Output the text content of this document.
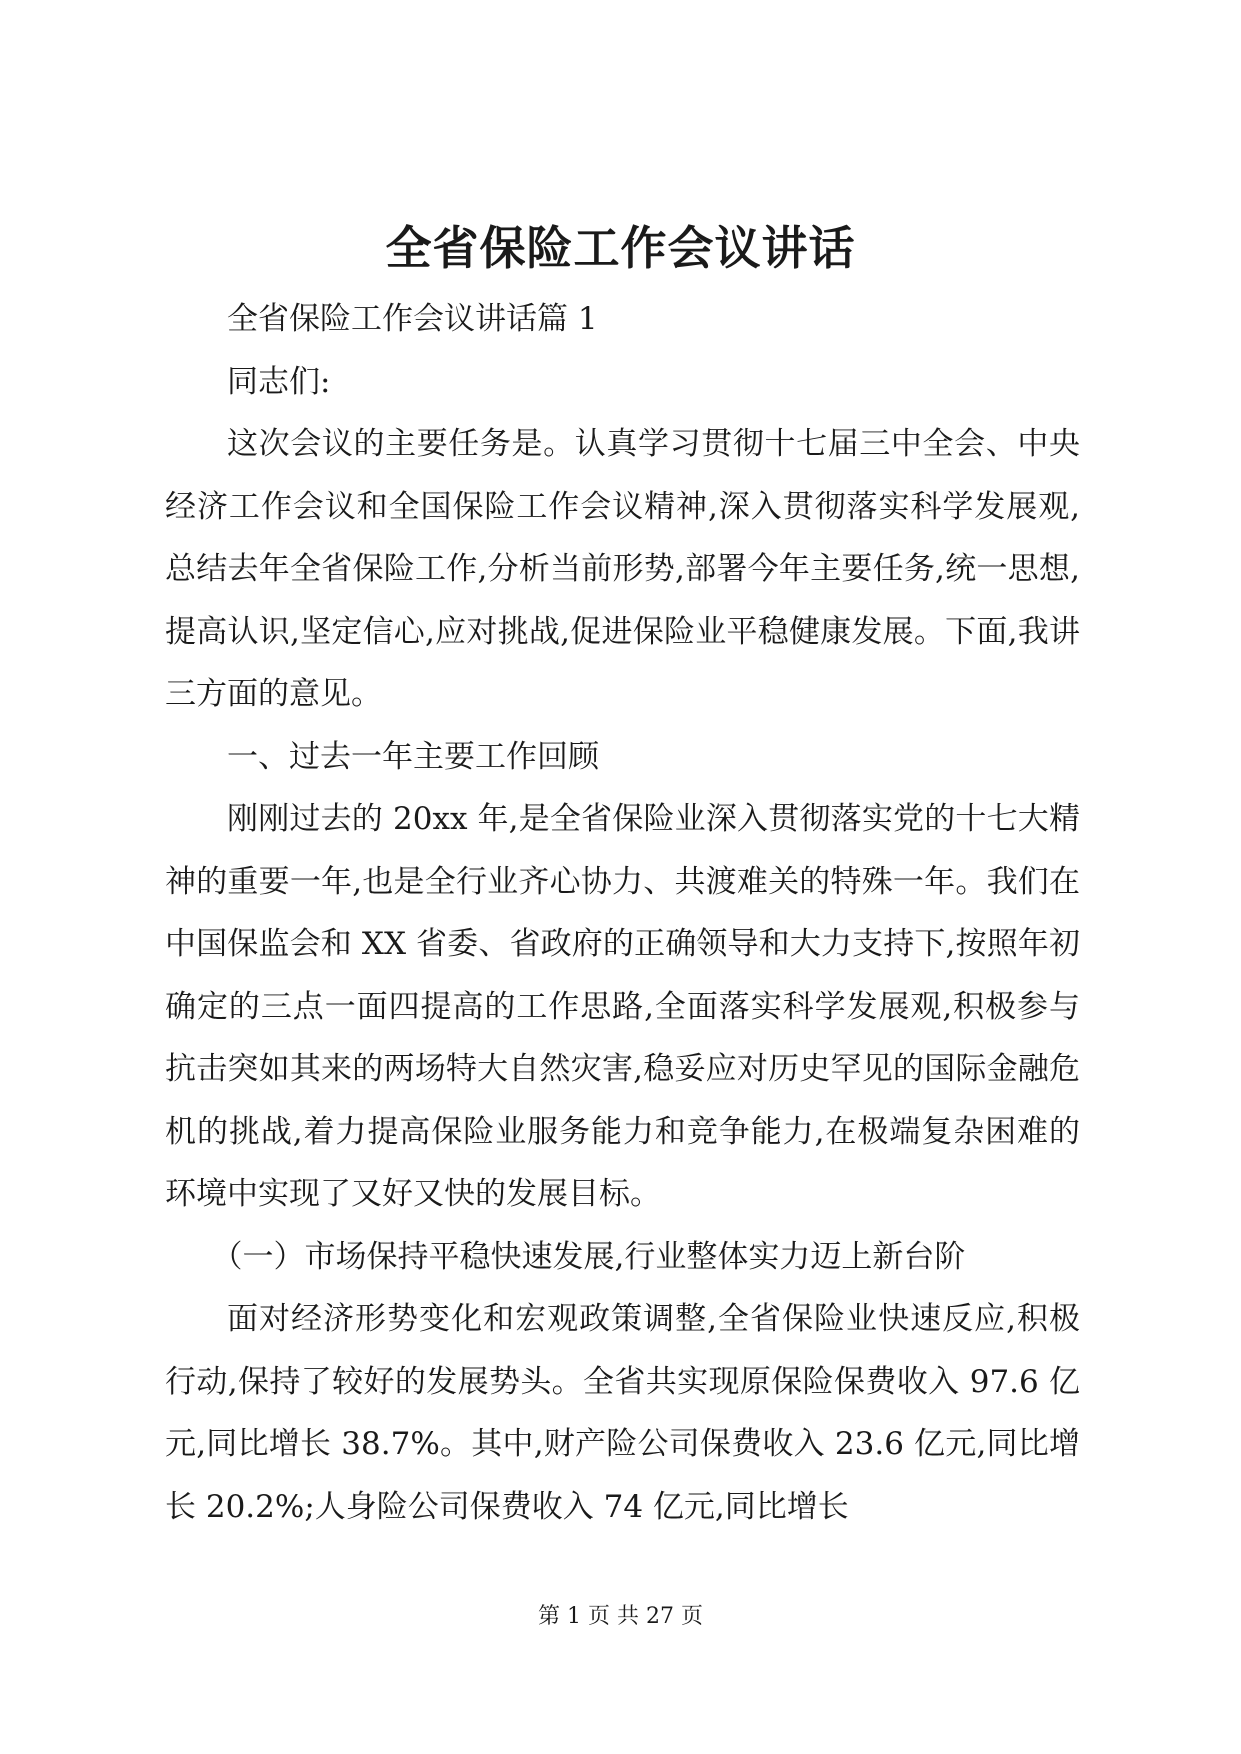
全省保险工作会议讲话

全省保险工作会议讲话篇 1

同志们:

这次会议的主要任务是。认真学习贯彻十七届三中全会、中央经济工作会议和全国保险工作会议精神,深入贯彻落实科学发展观,总结去年全省保险工作,分析当前形势,部署今年主要任务,统一思想,提高认识,坚定信心,应对挑战,促进保险业平稳健康发展。下面,我讲三方面的意见。

一、过去一年主要工作回顾

刚刚过去的 20xx 年,是全省保险业深入贯彻落实党的十七大精神的重要一年,也是全行业齐心协力、共渡难关的特殊一年。我们在中国保监会和 XX 省委、省政府的正确领导和大力支持下,按照年初确定的三点一面四提高的工作思路,全面落实科学发展观,积极参与抗击突如其来的两场特大自然灾害,稳妥应对历史罕见的国际金融危机的挑战,着力提高保险业服务能力和竞争能力,在极端复杂困难的环境中实现了又好又快的发展目标。

（一）市场保持平稳快速发展,行业整体实力迈上新台阶

面对经济形势变化和宏观政策调整,全省保险业快速反应,积极行动,保持了较好的发展势头。全省共实现原保险保费收入 97.6 亿元,同比增长 38.7%。其中,财产险公司保费收入 23.6 亿元,同比增长 20.2%;人身险公司保费收入 74 亿元,同比增长

第 1 页 共 27 页
